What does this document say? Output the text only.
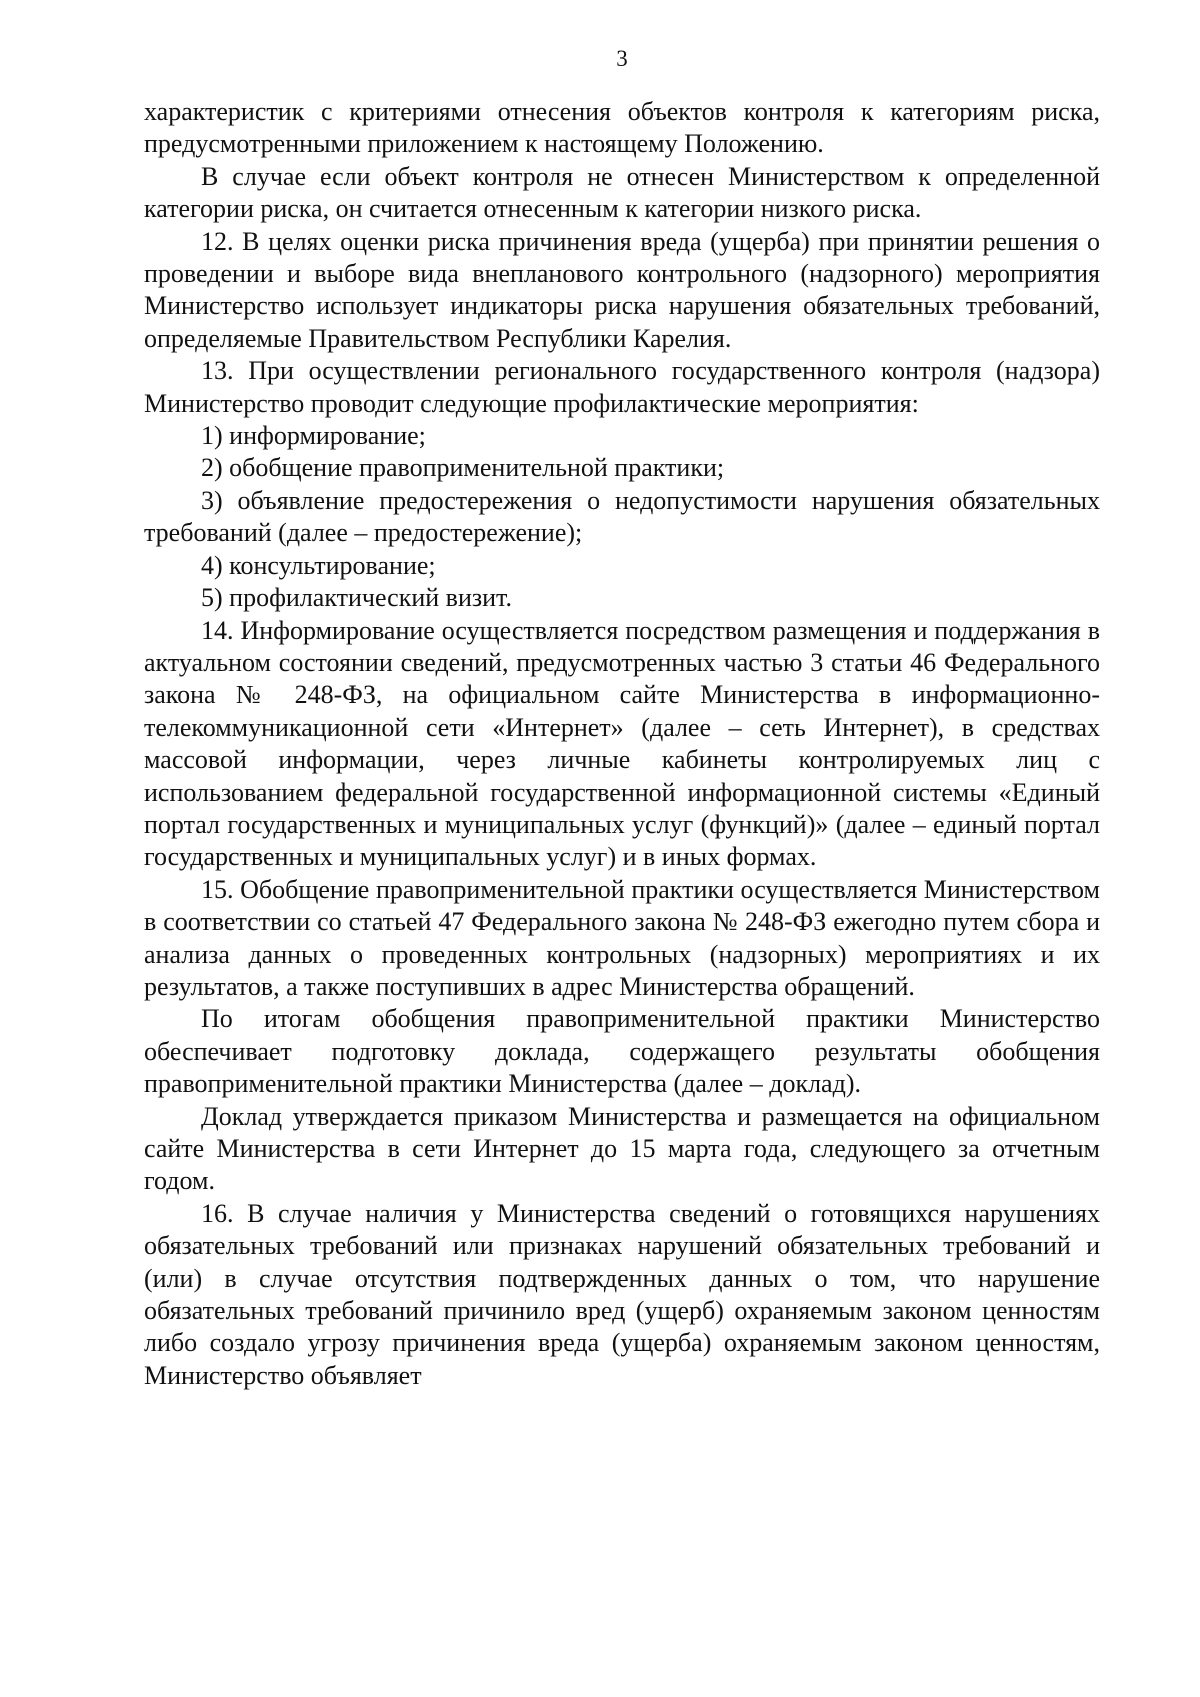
3

характеристик с критериями отнесения объектов контроля к категориям риска, предусмотренными приложением к настоящему Положению.

В случае если объект контроля не отнесен Министерством к определенной категории риска, он считается отнесенным к категории низкого риска.

12. В целях оценки риска причинения вреда (ущерба) при принятии решения о проведении и выборе вида внепланового контрольного (надзорного) мероприятия Министерство использует индикаторы риска нарушения обязательных требований, определяемые Правительством Республики Карелия.

13. При осуществлении регионального государственного контроля (надзора) Министерство проводит следующие профилактические мероприятия:

1) информирование;

2) обобщение правоприменительной практики;

3) объявление предостережения о недопустимости нарушения обязательных требований (далее – предостережение);

4) консультирование;

5) профилактический визит.

14. Информирование осуществляется посредством размещения и поддержания в актуальном состоянии сведений, предусмотренных частью 3 статьи 46 Федерального закона № 248-ФЗ, на официальном сайте Министерства в информационно-телекоммуникационной сети «Интернет» (далее – сеть Интернет), в средствах массовой информации, через личные кабинеты контролируемых лиц с использованием федеральной государственной информационной системы «Единый портал государственных и муниципальных услуг (функций)» (далее – единый портал государственных и муниципальных услуг) и в иных формах.

15. Обобщение правоприменительной практики осуществляется Министерством в соответствии со статьей 47 Федерального закона № 248-ФЗ ежегодно путем сбора и анализа данных о проведенных контрольных (надзорных) мероприятиях и их результатов, а также поступивших в адрес Министерства обращений.

По итогам обобщения правоприменительной практики Министерство обеспечивает подготовку доклада, содержащего результаты обобщения правоприменительной практики Министерства (далее – доклад).

Доклад утверждается приказом Министерства и размещается на официальном сайте Министерства в сети Интернет до 15 марта года, следующего за отчетным годом.

16. В случае наличия у Министерства сведений о готовящихся нарушениях обязательных требований или признаках нарушений обязательных требований и (или) в случае отсутствия подтвержденных данных о том, что нарушение обязательных требований причинило вред (ущерб) охраняемым законом ценностям либо создало угрозу причинения вреда (ущерба) охраняемым законом ценностям, Министерство объявляет
